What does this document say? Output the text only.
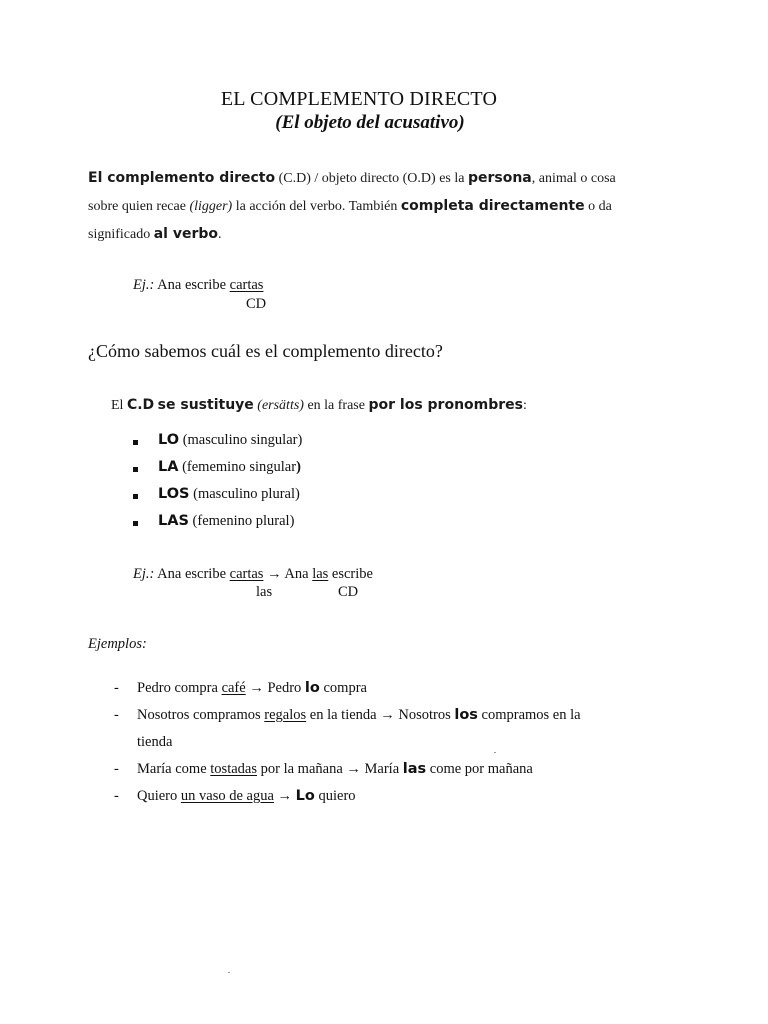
EL COMPLEMENTO DIRECTO
(El objeto del acusativo)
El complemento directo (C.D) / objeto directo (O.D) es la persona, animal o cosa
sobre quien recae (ligger) la acción del verbo. También completa directamente o da
significado al verbo.
Ej.: Ana escribe cartas
CD
¿Cómo sabemos cuál es el complemento directo?
El C.D se sustituye (ersätts) en la frase por los pronombres:
LO (masculino singular)
LA (fememino singular)
LOS (masculino plural)
LAS (femenino plural)
Ej.: Ana escribe cartas → Ana las escribe
las	CD
Ejemplos:
- Pedro compra café → Pedro lo compra
- Nosotros compramos regalos en la tienda → Nosotros los compramos en la
tienda
- María come tostadas por la mañana → María las come por mañana
- Quiero un vaso de agua → Lo quiero
